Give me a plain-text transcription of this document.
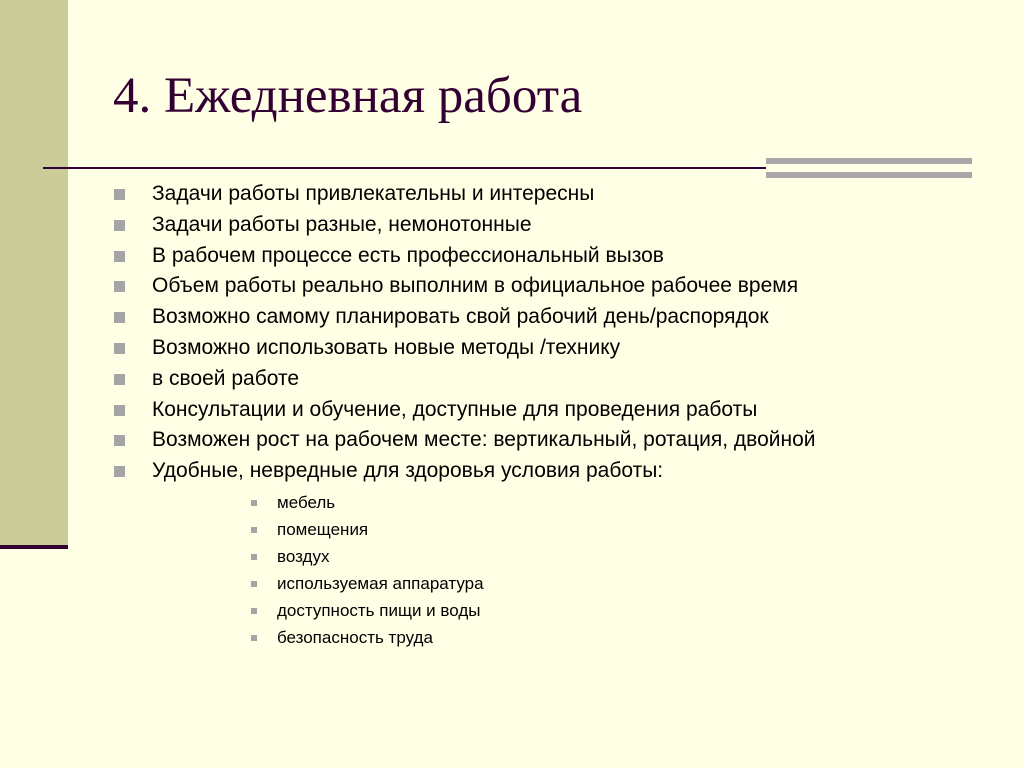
4. Ежедневная работа
Задачи работы привлекательны и интересны
Задачи работы разные, немонотонные
В рабочем процессе есть профессиональный вызов
Объем работы реально выполним в официальное рабочее время
Возможно самому планировать свой рабочий день/распорядок
Возможно использовать новые методы /технику
в своей работе
Консультации и обучение, доступные для проведения работы
Возможен рост на рабочем месте: вертикальный, ротация, двойной
Удобные, невредные для здоровья условия работы:
мебель
помещения
воздух
используемая аппаратура
доступность пищи и воды
безопасность труда
